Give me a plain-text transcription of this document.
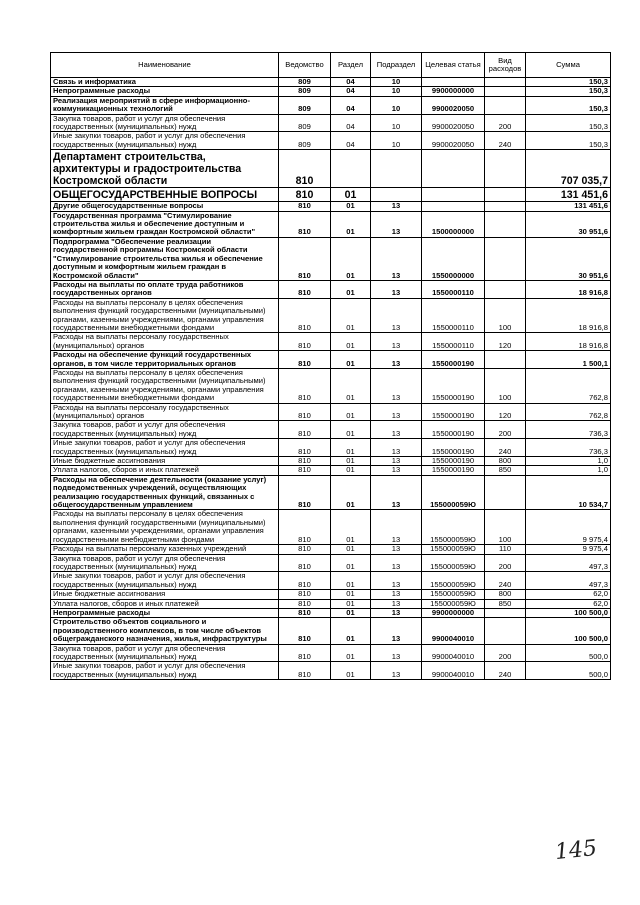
Наименование	Ведомство	Раздел	Подраздел	Целевая статья	Вид расходов	Сумма
Связь и информатика	809	04	10			150,3
Непрограммные расходы	809	04	10	9900000000		150,3
Реализация мероприятий в сфере информационно-коммуникационных технологий	809	04	10	9900020050		150,3
Закупка товаров, работ и услуг для обеспечения государственных (муниципальных) нужд	809	04	10	9900020050	200	150,3
Иные закупки товаров, работ и услуг для обеспечения государственных (муниципальных) нужд	809	04	10	9900020050	240	150,3
Департамент строительства, архитектуры и градостроительства Костромской области	810					707 035,7
ОБЩЕГОСУДАРСТВЕННЫЕ ВОПРОСЫ	810	01				131 451,6
Другие общегосударственные вопросы	810	01	13			131 451,6
Государственная программа "Стимулирование строительства жилья и обеспечение доступным и комфортным жильем граждан Костромской области"	810	01	13	1500000000		30 951,6
Подпрограмма "Обеспечение реализации государственной программы Костромской области "Стимулирование строительства жилья и обеспечение доступным и комфортным жильем граждан в Костромской области"	810	01	13	1550000000		30 951,6
Расходы на выплаты по оплате труда работников государственных органов	810	01	13	1550000110		18 916,8
Расходы на выплаты персоналу в целях обеспечения выполнения функций государственными (муниципальными) органами, казенными учреждениями, органами управления государственными внебюджетными фондами	810	01	13	1550000110	100	18 916,8
Расходы на выплаты персоналу государственных (муниципальных) органов	810	01	13	1550000110	120	18 916,8
Расходы на обеспечение функций государственных органов, в том числе территориальных органов	810	01	13	1550000190		1 500,1
Расходы на выплаты персоналу в целях обеспечения выполнения функций государственными (муниципальными) органами, казенными учреждениями, органами управления государственными внебюджетными фондами	810	01	13	1550000190	100	762,8
Расходы на выплаты персоналу государственных (муниципальных) органов	810	01	13	1550000190	120	762,8
Закупка товаров, работ и услуг для обеспечения государственных (муниципальных) нужд	810	01	13	1550000190	200	736,3
Иные закупки товаров, работ и услуг для обеспечения государственных (муниципальных) нужд	810	01	13	1550000190	240	736,3
Иные бюджетные ассигнования	810	01	13	1550000190	800	1,0
Уплата налогов, сборов и иных платежей	810	01	13	1550000190	850	1,0
Расходы на обеспечение деятельности (оказание услуг) подведомственных учреждений, осуществляющих реализацию государственных функций, связанных с общегосударственным управлением	810	01	13	155000059Ю		10 534,7
Расходы на выплаты персоналу в целях обеспечения выполнения функций государственными (муниципальными) органами, казенными учреждениями, органами управления государственными внебюджетными фондами	810	01	13	155000059Ю	100	9 975,4
Расходы на выплаты персоналу казенных учреждений	810	01	13	155000059Ю	110	9 975,4
Закупка товаров, работ и услуг для обеспечения государственных (муниципальных) нужд	810	01	13	155000059Ю	200	497,3
Иные закупки товаров, работ и услуг для обеспечения государственных (муниципальных) нужд	810	01	13	155000059Ю	240	497,3
Иные бюджетные ассигнования	810	01	13	155000059Ю	800	62,0
Уплата налогов, сборов и иных платежей	810	01	13	155000059Ю	850	62,0
Непрограммные расходы	810	01	13	9900000000		100 500,0
Строительство объектов социального и производственного комплексов, в том числе объектов общегражданского назначения, жилья, инфраструктуры	810	01	13	9900040010		100 500,0
Закупка товаров, работ и услуг для обеспечения государственных (муниципальных) нужд	810	01	13	9900040010	200	500,0
Иные закупки товаров, работ и услуг для обеспечения государственных (муниципальных) нужд	810	01	13	9900040010	240	500,0
145
